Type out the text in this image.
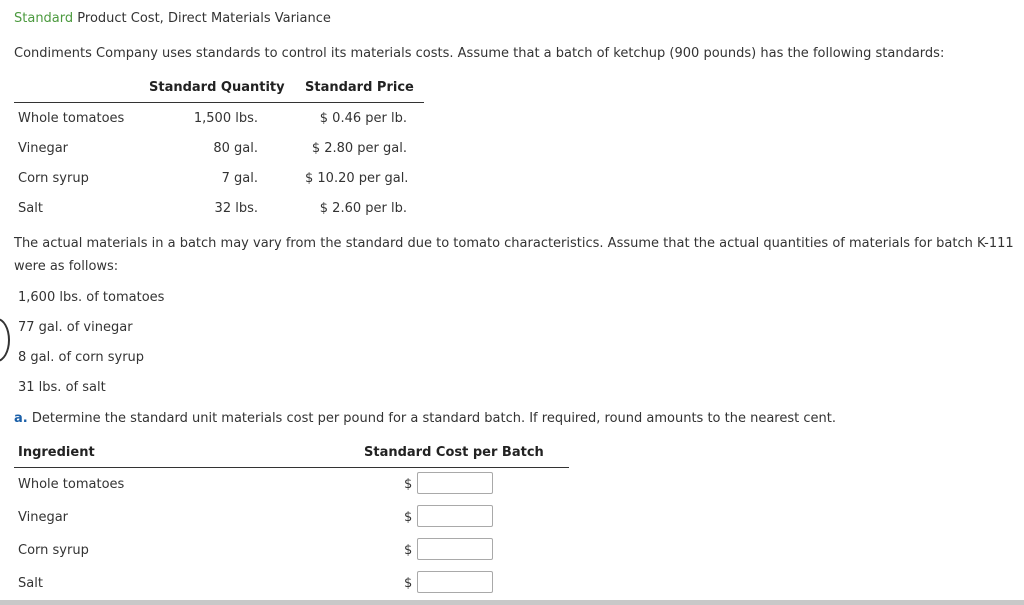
Standard Product Cost, Direct Materials Variance
Condiments Company uses standards to control its materials costs. Assume that a batch of ketchup (900 pounds) has the following standards:
Standard Quantity Standard Price
Whole tomatoes	1,500 lbs.	$ 0.46 per lb.
Vinegar	80 gal.	$ 2.80 per gal.
Corn syrup	7 gal.	$ 10.20 per gal.
Salt	32 lbs.	$ 2.60 per lb.
The actual materials in a batch may vary from the standard due to tomato characteristics. Assume that the actual quantities of materials for batch K-111 were as follows:
1,600 lbs. of tomatoes
77 gal. of vinegar
8 gal. of corn syrup
31 lbs. of salt
a. Determine the standard unit materials cost per pound for a standard batch. If required, round amounts to the nearest cent.
Ingredient	Standard Cost per Batch
Whole tomatoes	$
Vinegar	$
Corn syrup	$
Salt	$
